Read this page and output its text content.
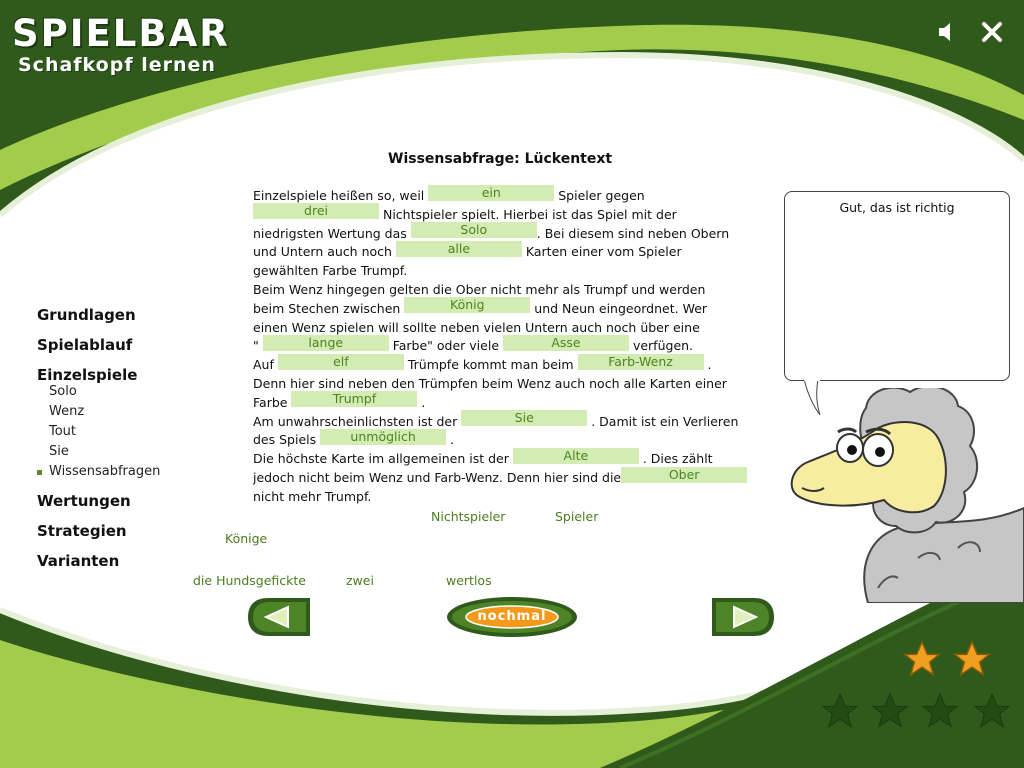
SPIELBAR
Schafkopf lernen
Grundlagen
Spielablauf
Einzelspiele
Solo
Wenz
Tout
Sie
Wissensabfragen
Wertungen
Strategien
Varianten
Wissensabfrage: Lückentext
Einzelspiele heißen so, weil	ein	Spieler gegen
drei	Nichtspieler spielt. Hierbei ist das Spiel mit der
niedrigsten Wertung das	Solo	. Bei diesem sind neben Obern
und Untern auch noch	alle	Karten einer vom Spieler
gewählten Farbe Trumpf.
Beim Wenz hingegen gelten die Ober nicht mehr als Trumpf und werden
beim Stechen zwischen	König	und Neun eingeordnet. Wer
einen Wenz spielen will sollte neben vielen Untern auch noch über eine
"	lange	Farbe" oder viele	Asse	verfügen.
Auf	elf	Trümpfe kommt man beim Farb-Wenz .
Denn hier sind neben den Trümpfen beim Wenz auch noch alle Karten einer
Farbe	Trumpf	.
Am unwahrscheinlichsten ist der	Sie	. Damit ist ein Verlieren
des Spiels unmöglich .
Die höchste Karte im allgemeinen ist der	Alte	. Dies zählt
jedoch nicht beim Wenz und Farb-Wenz. Denn hier sind die	Ober
nicht mehr Trumpf.
Nichtspieler	Spieler
Könige
die Hundsgefickte	zwei	wertlos
Gut, das ist richtig
nochmal
